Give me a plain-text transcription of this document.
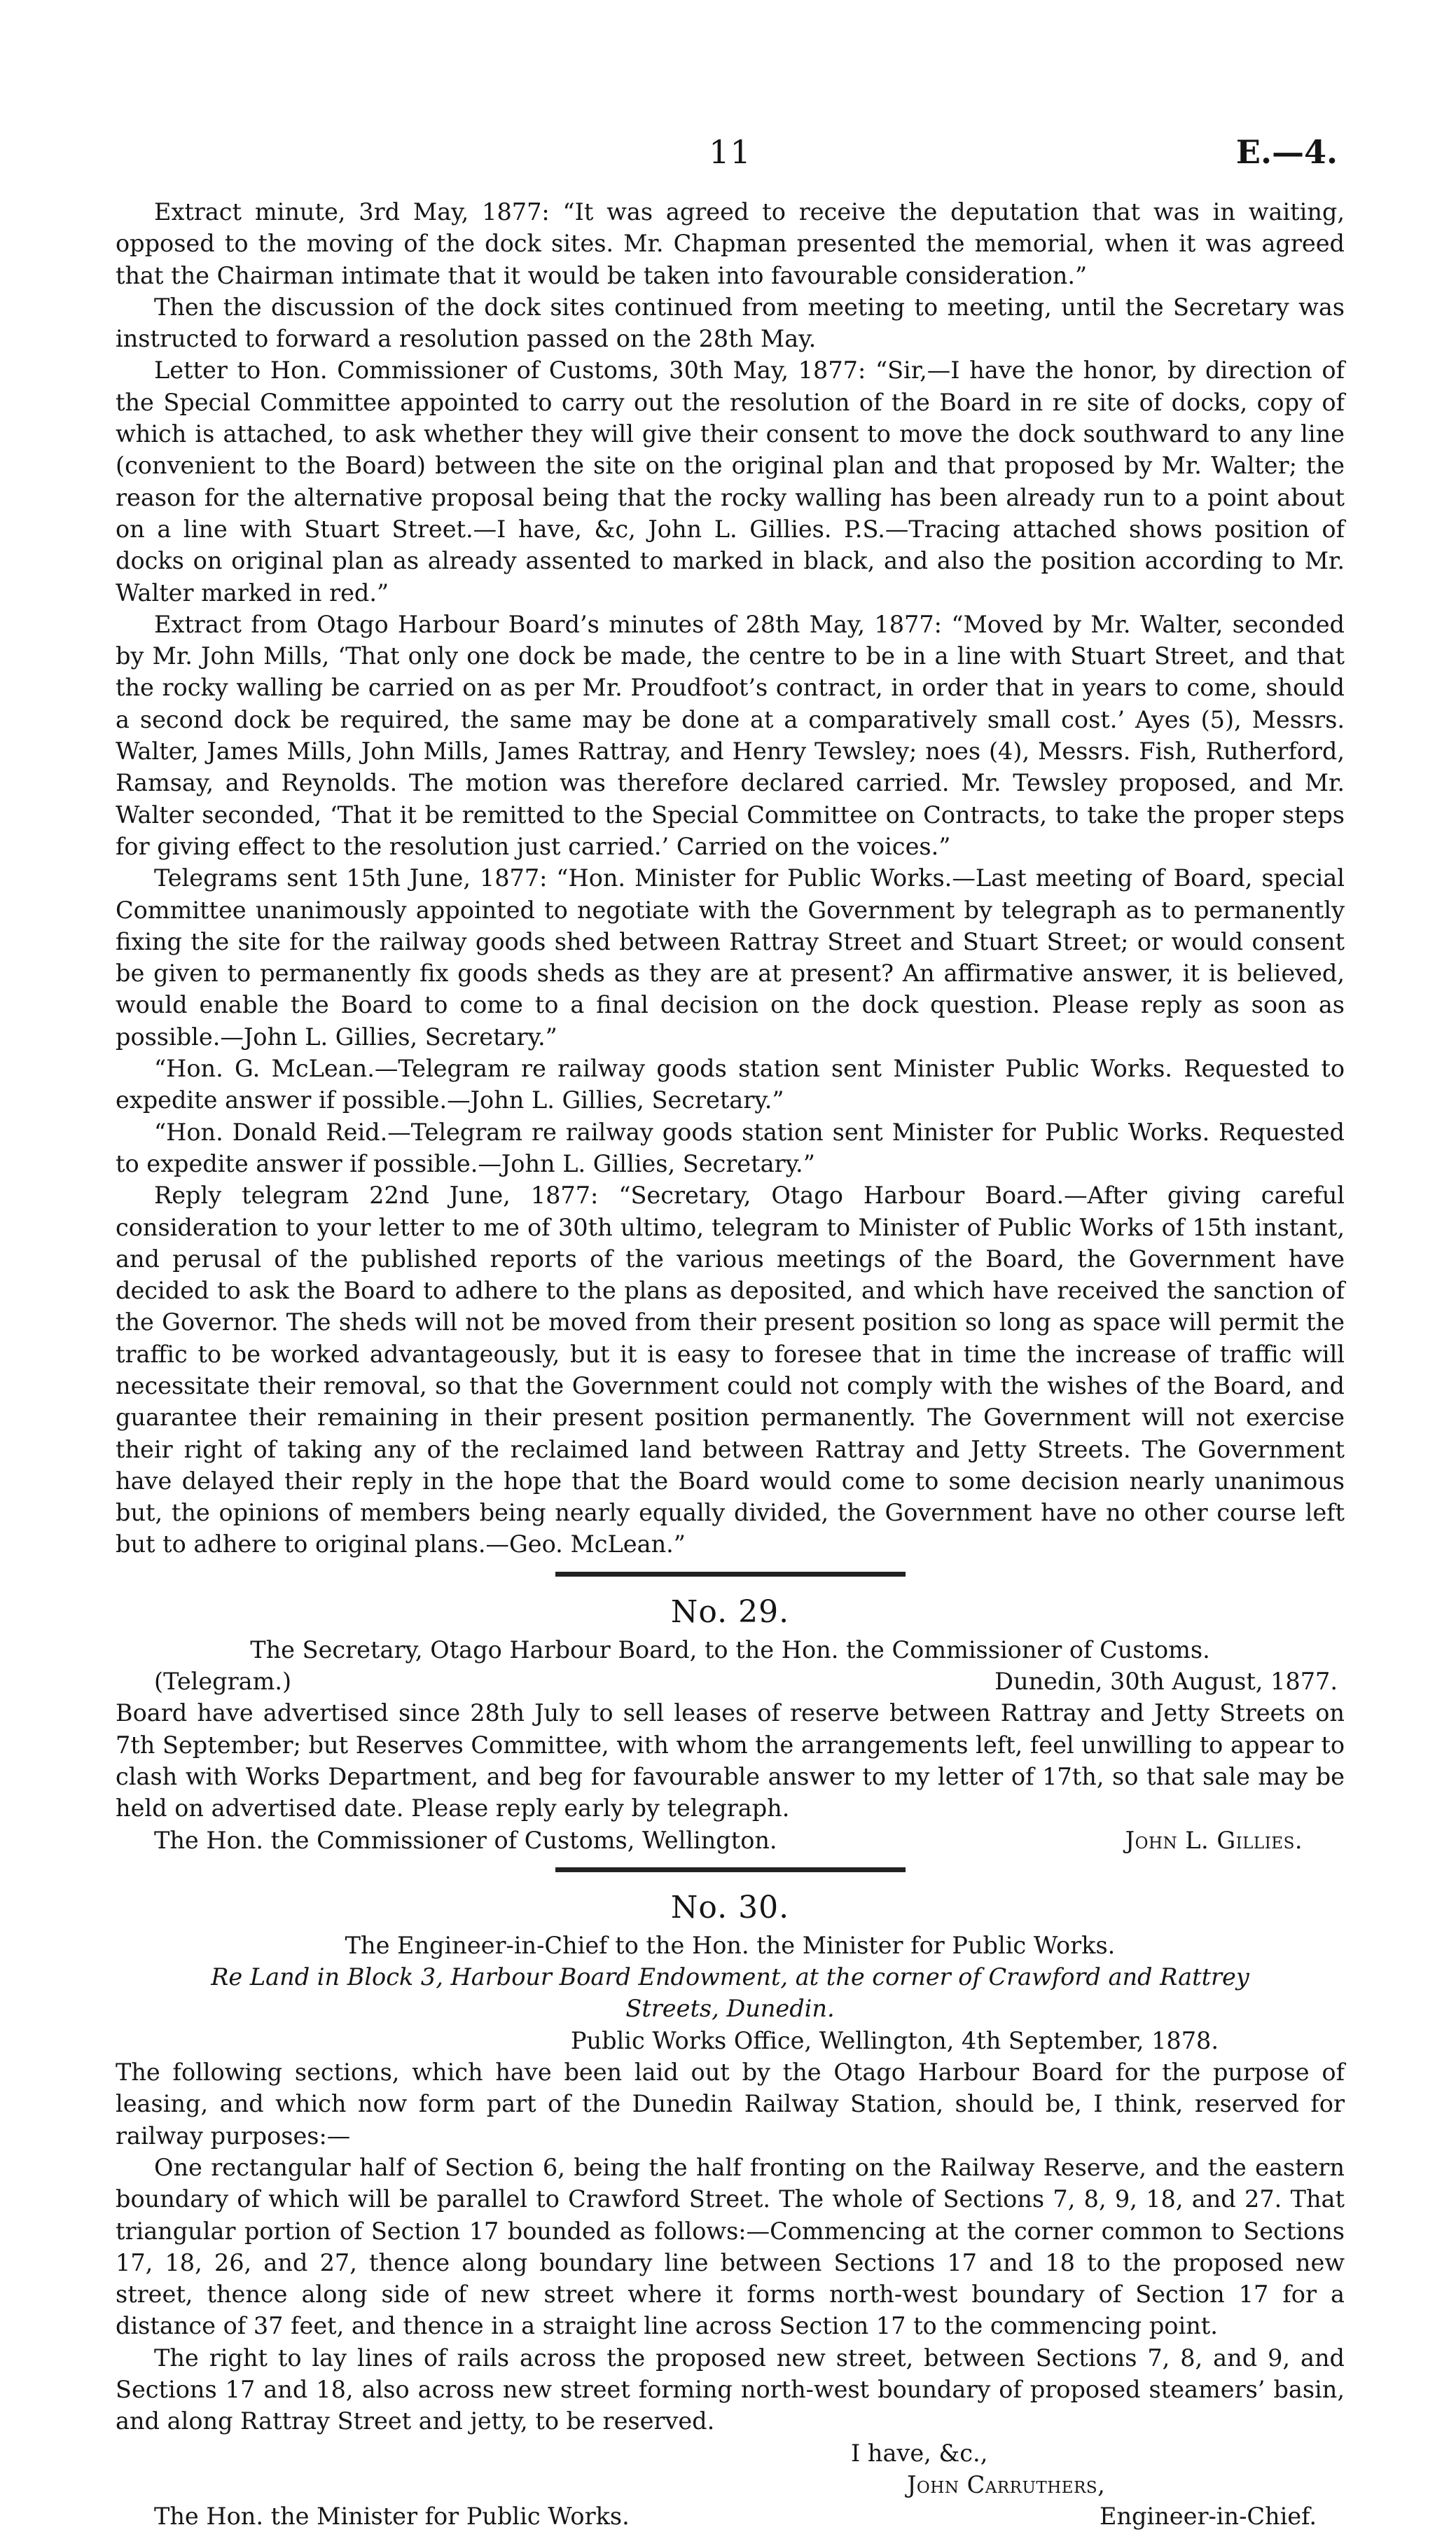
11	E.—4.

Extract minute, 3rd May, 1877: “It was agreed to receive the deputation that was in waiting, opposed to the moving of the dock sites. Mr. Chapman presented the memorial, when it was agreed that the Chairman intimate that it would be taken into favourable consideration.”

Then the discussion of the dock sites continued from meeting to meeting, until the Secretary was instructed to forward a resolution passed on the 28th May.

Letter to Hon. Commissioner of Customs, 30th May, 1877: “Sir,—I have the honor, by direction of the Special Committee appointed to carry out the resolution of the Board in re site of docks, copy of which is attached, to ask whether they will give their consent to move the dock southward to any line (convenient to the Board) between the site on the original plan and that proposed by Mr. Walter; the reason for the alternative proposal being that the rocky walling has been already run to a point about on a line with Stuart Street.—I have, &c, John L. Gillies. P.S.—Tracing attached shows position of docks on original plan as already assented to marked in black, and also the position according to Mr. Walter marked in red.”

Extract from Otago Harbour Board’s minutes of 28th May, 1877: “Moved by Mr. Walter, seconded by Mr. John Mills, ‘That only one dock be made, the centre to be in a line with Stuart Street, and that the rocky walling be carried on as per Mr. Proudfoot’s contract, in order that in years to come, should a second dock be required, the same may be done at a comparatively small cost.’ Ayes (5), Messrs. Walter, James Mills, John Mills, James Rattray, and Henry Tewsley; noes (4), Messrs. Fish, Rutherford, Ramsay, and Reynolds. The motion was therefore declared carried. Mr. Tewsley proposed, and Mr. Walter seconded, ‘That it be remitted to the Special Committee on Contracts, to take the proper steps for giving effect to the resolution just carried.’ Carried on the voices.”

Telegrams sent 15th June, 1877: “Hon. Minister for Public Works.—Last meeting of Board, special Committee unanimously appointed to negotiate with the Government by telegraph as to permanently fixing the site for the railway goods shed between Rattray Street and Stuart Street; or would consent be given to permanently fix goods sheds as they are at present? An affirmative answer, it is believed, would enable the Board to come to a final decision on the dock question. Please reply as soon as possible.—John L. Gillies, Secretary.”

“Hon. G. McLean.—Telegram re railway goods station sent Minister Public Works. Requested to expedite answer if possible.—John L. Gillies, Secretary.”

“Hon. Donald Reid.—Telegram re railway goods station sent Minister for Public Works. Requested to expedite answer if possible.—John L. Gillies, Secretary.”

Reply telegram 22nd June, 1877: “Secretary, Otago Harbour Board.—After giving careful consideration to your letter to me of 30th ultimo, telegram to Minister of Public Works of 15th instant, and perusal of the published reports of the various meetings of the Board, the Government have decided to ask the Board to adhere to the plans as deposited, and which have received the sanction of the Governor. The sheds will not be moved from their present position so long as space will permit the traffic to be worked advantageously, but it is easy to foresee that in time the increase of traffic will necessitate their removal, so that the Government could not comply with the wishes of the Board, and guarantee their remaining in their present position permanently. The Government will not exercise their right of taking any of the reclaimed land between Rattray and Jetty Streets. The Government have delayed their reply in the hope that the Board would come to some decision nearly unanimous but, the opinions of members being nearly equally divided, the Government have no other course left but to adhere to original plans.—Geo. McLean.”

No. 29.
The Secretary, Otago Harbour Board, to the Hon. the Commissioner of Customs.
(Telegram.)	Dunedin, 30th August, 1877.

Board have advertised since 28th July to sell leases of reserve between Rattray and Jetty Streets on 7th September; but Reserves Committee, with whom the arrangements left, feel unwilling to appear to clash with Works Department, and beg for favourable answer to my letter of 17th, so that sale may be held on advertised date. Please reply early by telegraph.

The Hon. the Commissioner of Customs, Wellington.	John L. Gillies.
No. 30.
The Engineer-in-Chief to the Hon. the Minister for Public Works.
Re Land in Block 3, Harbour Board Endowment, at the corner of Crawford and Rattrey
Streets, Dunedin.
Public Works Office, Wellington, 4th September, 1878.

The following sections, which have been laid out by the Otago Harbour Board for the purpose of leasing, and which now form part of the Dunedin Railway Station, should be, I think, reserved for railway purposes:—

One rectangular half of Section 6, being the half fronting on the Railway Reserve, and the eastern boundary of which will be parallel to Crawford Street. The whole of Sections 7, 8, 9, 18, and 27. That triangular portion of Section 17 bounded as follows:—Commencing at the corner common to Sections 17, 18, 26, and 27, thence along boundary line between Sections 17 and 18 to the proposed new street, thence along side of new street where it forms north-west boundary of Section 17 for a distance of 37 feet, and thence in a straight line across Section 17 to the commencing point.

The right to lay lines of rails across the proposed new street, between Sections 7, 8, and 9, and Sections 17 and 18, also across new street forming north-west boundary of proposed steamers’ basin, and along Rattray Street and jetty, to be reserved.

I have, &c.,
John Carruthers,
The Hon. the Minister for Public Works.	Engineer-in-Chief.
